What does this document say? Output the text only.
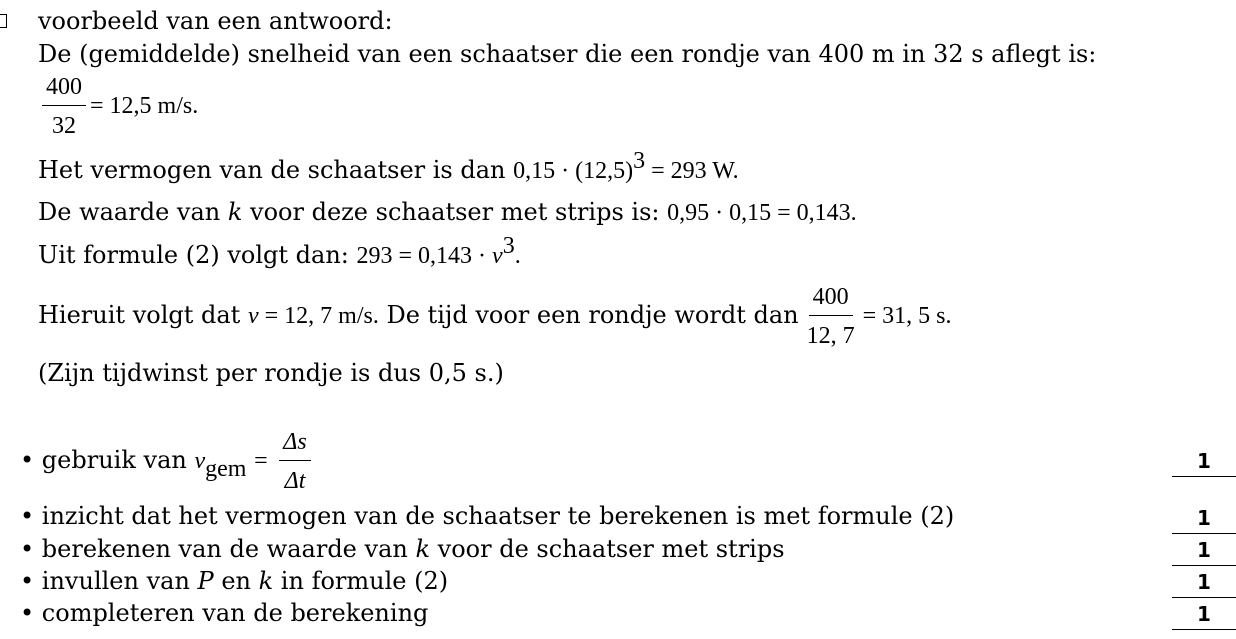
voorbeeld van een antwoord:
De (gemiddelde) snelheid van een schaatser die een rondje van 400 m in 32 s aflegt is:
$\frac{400}{32} = 12,5$ m/s.
Het vermogen van de schaatser is dan $0,15 \cdot (12,5)^3 = 293$ W.
De waarde van k voor deze schaatser met strips is: 0,95 · 0,15 = 0,143.
Uit formule (2) volgt dan: $293 = 0,143 \cdot v^3$.
Hieruit volgt dat v = 12, 7 m/s. De tijd voor een rondje wordt dan $\frac{400}{12, 7} = 31$, 5 s.
(Zijn tijdwinst per rondje is dus 0,5 s.)
• gebruik van $v_{gem} = \frac{\Delta s}{\Delta t}$	1
• inzicht dat het vermogen van de schaatser te berekenen is met formule (2)	1
• berekenen van de waarde van k voor de schaatser met strips	1
• invullen van P en k in formule (2)	1
• completeren van de berekening	1
